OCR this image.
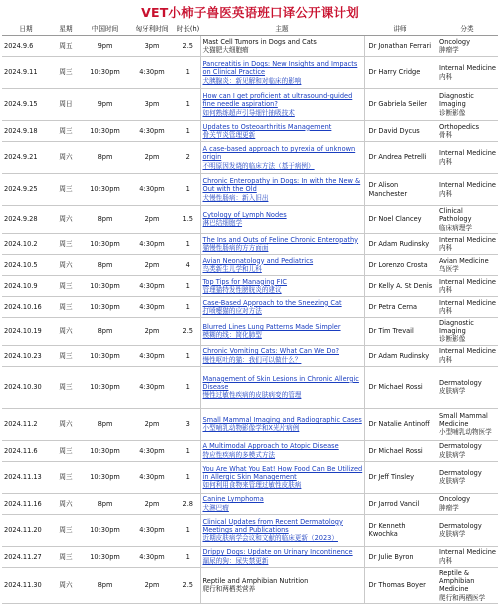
VET小柿子兽医英语班口译公开课计划
日期	星期	中国时间	匈牙利时间	时长(h)	主题	讲师	分类
2024.9.6	周五	9pm	3pm	2.5	Mast Cell Tumors in Dogs and Cats
犬猫肥大细胞瘤	Dr Jonathan Ferrari	Oncology
肿瘤学

2024.9.11	周三	10:30pm	4:30pm	1	Pancreatitis in Dogs: New Insights and Impacts on Clinical Practice
犬胰腺炎：新见解和对临床的影响	Dr Harry Cridge	Internal Medicine
内科

2024.9.15	周日	9pm	3pm	1	How can I get proficient at ultrasound-guided fine needle aspiration?
如何熟练超声引导细针抽吸技术	Dr Gabriela Seiler	Diagnostic Imaging
诊断影像

2024.9.18	周三	10:30pm	4:30pm	1	Updates to Osteoarthritis Management
骨关节炎管理更新	Dr David Dycus	Orthopedics
骨科

2024.9.21	周六	8pm	2pm	2	A case-based approach to pyrexia of unknown origin
不明原因发烧的临床方法（基于病例）	Dr Andrea Petrelli	Internal Medicine
内科

2024.9.25	周三	10:30pm	4:30pm	1	Chronic Enteropathy in Dogs: In with the New & Out with the Old
犬慢性肠病：新入旧出	Dr Alison Manchester	Internal Medicine
内科

2024.9.28	周六	8pm	2pm	1.5	Cytology of Lymph Nodes
淋巴结细胞学	Dr Noel Clancey	Clinical Pathology
临床病理学

2024.10.2	周三	10:30pm	4:30pm	1	The Ins and Outs of Feline Chronic Enteropathy
猫慢性肠病的方方面面	Dr Adam Rudinsky	Internal Medicine
内科

2024.10.5	周六	8pm	2pm	4	Avian Neonatology and Pediatrics
鸟类新生儿学和儿科	Dr Lorenzo Crosta	Avian Medicine
鸟医学

2024.10.9	周三	10:30pm	4:30pm	1	Top Tips for Managing FIC
管理猫特发性膀胱炎的建议	Dr Kelly A. St Denis	Internal Medicine
内科

2024.10.16	周三	10:30pm	4:30pm	1	Case-Based Approach to the Sneezing Cat
打喷嚏猫的应对方法	Dr Petra Cerna	Internal Medicine
内科

2024.10.19	周六	8pm	2pm	2.5	Blurred Lines Lung Patterns Made Simpler
模糊的线：简化肺型	Dr Tim Trevail	Diagnostic Imaging
诊断影像

2024.10.23	周三	10:30pm	4:30pm	1	Chronic Vomiting Cats: What Can We Do?
慢性呕吐的猫：我们可以做什么？	Dr Adam Rudinsky	Internal Medicine
内科

2024.10.30	周三	10:30pm	4:30pm	1	Management of Skin Lesions in Chronic Allergic Disease
慢性过敏性疾病的皮肤病变的管理	Dr Michael Rossi	Dermatology
皮肤病学

2024.11.2	周六	8pm	2pm	3	Small Mammal Imaging and Radiographic Cases
小型哺乳动物影像学和X光片病例	Dr Natalie Antinoff	Small Mammal Medicine
小型哺乳动物医学

2024.11.6	周三	10:30pm	4:30pm	1	A Multimodal Approach to Atopic Disease
特应性疾病的多模式方法	Dr Michael Rossi	Dermatology
皮肤病学

2024.11.13	周三	10:30pm	4:30pm	1	You Are What You Eat! How Food Can Be Utilized in Allergic Skin Management
如何利用食物来管理过敏性皮肤病	Dr Jeff Tinsley	Dermatology
皮肤病学

2024.11.16	周六	8pm	2pm	2.8	Canine Lymphoma
犬淋巴瘤	Dr Jarrod Vancil	Oncology
肿瘤学

2024.11.20	周三	10:30pm	4:30pm	1	Clinical Updates from Recent Dermatology Meetings and Publications
近期皮肤病学会议和文献的临床更新（2023）	Dr Kenneth Kwochka	Dermatology
皮肤病学

2024.11.27	周三	10:30pm	4:30pm	1	Drippy Dogs: Update on Urinary Incontinence
漏尿的狗：尿失禁更新	Dr Julie Byron	Internal Medicine
内科

2024.11.30	周六	8pm	2pm	2.5	Reptile and Amphibian Nutrition
爬行和两栖类营养	Dr Thomas Boyer	Reptile & Amphibian Medicine
爬行和两栖医学
